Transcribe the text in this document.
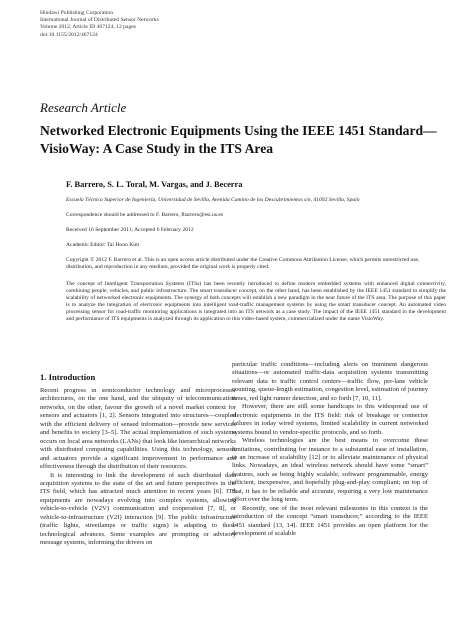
Hindawi Publishing Corporation
International Journal of Distributed Sensor Networks
Volume 2012, Article ID 467124, 12 pages
doi:10.1155/2012/467124
Research Article
Networked Electronic Equipments Using the IEEE 1451 Standard—VisioWay: A Case Study in the ITS Area
F. Barrero, S. L. Toral, M. Vargas, and J. Becerra
Escuela Técnica Superior de Ingeniería, Universidad de Sevilla, Avenida Camino de los Descubrimientos s/n, 41092 Sevilla, Spain
Correspondence should be addressed to F. Barrero, fbarrero@esi.us.es
Received 16 September 2011; Accepted 6 February 2012
Academic Editor: Tai Hoon Kim
Copyright © 2012 F. Barrero et al. This is an open access article distributed under the Creative Commons Attribution License, which permits unrestricted use, distribution, and reproduction in any medium, provided the original work is properly cited.
The concept of Intelligent Transportation Systems (ITSs) has been recently introduced to define modern embedded systems with enhanced digital connectivity, combining people, vehicles, and public infrastructure. The smart transducer concept, on the other hand, has been established by the IEEE 1451 standard to simplify the scalability of networked electronic equipments. The synergy of both concepts will establish a new paradigm in the near future of the ITS area. The purpose of this paper is to analyze the integration of electronic equipments into intelligent road-traffic management systems by using the smart transducer concept. An automated video processing sensor for road-traffic monitoring applications is integrated into an ITS network as a case study. The impact of the IEEE 1451 standard in the development and performance of ITS equipments is analyzed through its application to this video-based system, commercialized under the name VisioWay.
1. Introduction

Recent progress in semiconductor technology and microprocessor architectures, on the one hand, and the ubiquity of telecommunication networks, on the other, favour the growth of a novel market context for sensors and actuators [1, 2]. Sensors integrated into structures—coupled with the efficient delivery of sensed information—provide new services and benefits to society [3–5]. The actual implementation of such systems occurs on local area networks (LANs) that look like hierarchical networks with distributed computing capabilities. Using this technology, sensors and actuators provide a significant improvement in performance and effectiveness through the distribution of their resources.

It is interesting to link the development of such distributed data acquisition systems to the state of the art and future perspectives in the ITS field, which has attracted much attention in recent years [6]. ITS equipments are nowadays evolving into complex systems, allowing vehicle-to-vehicle (V2V) communication and cooperation [7, 8], or vehicle-to-infrastructure (V2I) interaction [9]. The public infrastructure (traffic lights, streetlamps or traffic signs) is adapting to these technological advances. Some examples are prompting or advisory message systems, informing the drivers on

particular traffic conditions—including alerts on imminent dangerous situations—or automated traffic-data acquisition systems transmitting relevant data to traffic control centers—traffic flow, per-lane vehicle counting, queue-length estimation, congestion level, estimation of journey times, red light runner detection, and so forth [7, 10, 11].

However, there are still some handicaps to this widespread use of electronic equipments in the ITS field: risk of breakage or connector failures in today wired systems, limited scalability in current networked systems bound to vendor-specific protocols, and so forth.

Wireless technologies are the best means to overcome these limitations, contributing for instance to a substantial ease of installation, to an increase of scalability [12] or to alleviate maintenance of physical links. Nowadays, an ideal wireless network should have some “smart” features, such as being highly scalable, software programmable, energy efficient, inexpensive, and hopefully plug-and-play compliant; on top of that, it has to be reliable and accurate, requiring a very low maintenance effort over the long term.

Recently, one of the most relevant milestones in this context is the introduction of the concept “smart transducer,” according to the IEEE 1451 standard [13, 14]. IEEE 1451 provides an open platform for the development of scalable
